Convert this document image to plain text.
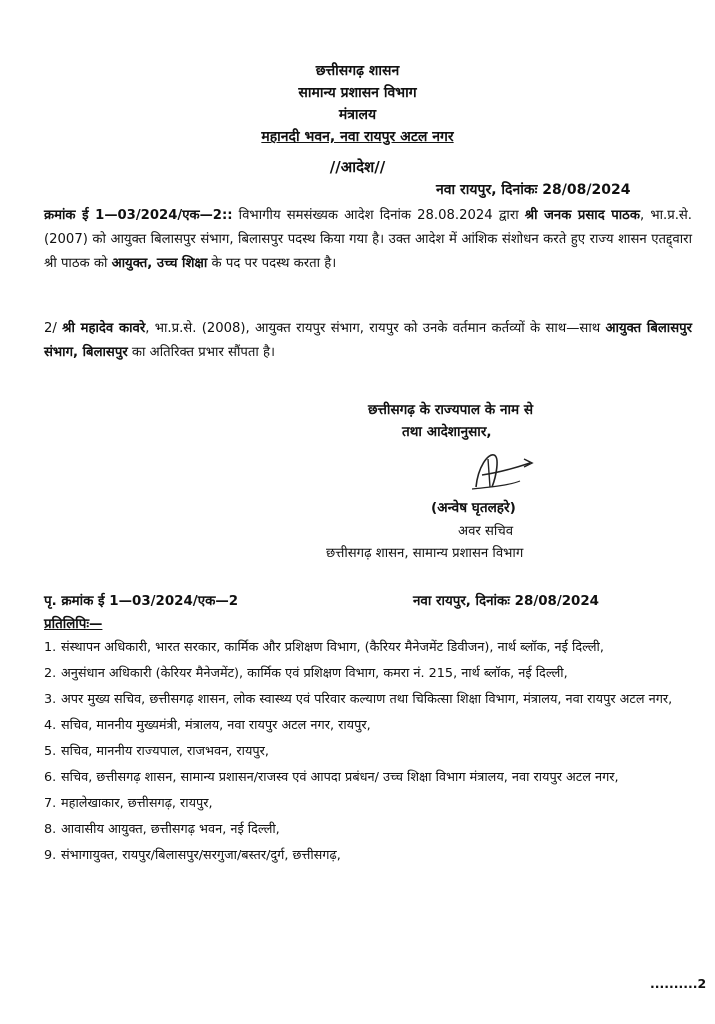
छत्तीसगढ़ शासन
सामान्य प्रशासन विभाग
मंत्रालय
महानदी भवन, नवा रायपुर अटल नगर
//आदेश//
नवा रायपुर, दिनांकः 28/08/2024
क्रमांक ई 1—03/2024/एक—2:: विभागीय समसंख्यक आदेश दिनांक 28.08.2024 द्वारा श्री जनक प्रसाद पाठक, भा.प्र.से.(2007) को आयुक्त बिलासपुर संभाग, बिलासपुर पदस्थ किया गया है। उक्त आदेश में आंशिक संशोधन करते हुए राज्य शासन एतद्द्वारा श्री पाठक को आयुक्त, उच्च शिक्षा के पद पर पदस्थ करता है।
2/ श्री महादेव कावरे, भा.प्र.से. (2008), आयुक्त रायपुर संभाग, रायपुर को उनके वर्तमान कर्तव्यों के साथ—साथ आयुक्त बिलासपुर संभाग, बिलासपुर का अतिरिक्त प्रभार सौंपता है।
छत्तीसगढ़ के राज्यपाल के नाम से
तथा आदेशानुसार,
(अन्वेष घृतलहरे)
अवर सचिव
छत्तीसगढ़ शासन, सामान्य प्रशासन विभाग
पृ. क्रमांक ई 1—03/2024/एक—2	नवा रायपुर, दिनांकः 28/08/2024
प्रतिलिपिः—
1. संस्थापन अधिकारी, भारत सरकार, कार्मिक और प्रशिक्षण विभाग, (कैरियर मैनेजमेंट डिवीजन), नार्थ ब्लॉक, नई दिल्ली,
2. अनुसंधान अधिकारी (केरियर मैनेजमेंट), कार्मिक एवं प्रशिक्षण विभाग, कमरा नं. 215, नार्थ ब्लॉक, नई दिल्ली,
3. अपर मुख्य सचिव, छत्तीसगढ़ शासन, लोक स्वास्थ्य एवं परिवार कल्याण तथा चिकित्सा शिक्षा विभाग, मंत्रालय, नवा रायपुर अटल नगर,
4. सचिव, माननीय मुख्यमंत्री, मंत्रालय, नवा रायपुर अटल नगर, रायपुर,
5. सचिव, माननीय राज्यपाल, राजभवन, रायपुर,
6. सचिव, छत्तीसगढ़ शासन, सामान्य प्रशासन/राजस्व एवं आपदा प्रबंधन/ उच्च शिक्षा विभाग मंत्रालय, नवा रायपुर अटल नगर,
7. महालेखाकार, छत्तीसगढ़, रायपुर,
8. आवासीय आयुक्त, छत्तीसगढ़ भवन, नई दिल्ली,
9. संभागायुक्त, रायपुर/बिलासपुर/सरगुजा/बस्तर/दुर्ग, छत्तीसगढ़,
..........2
